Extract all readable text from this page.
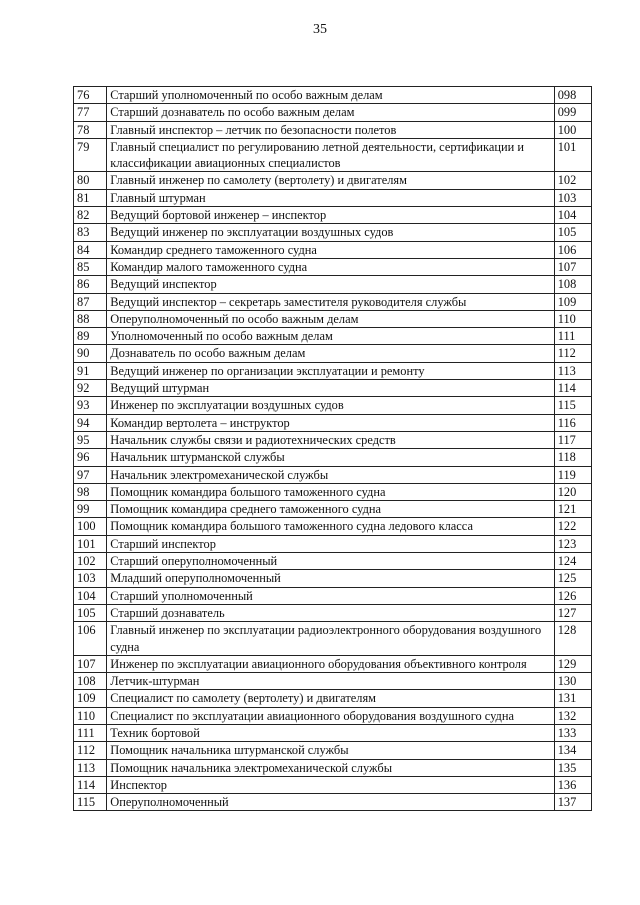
35
76	Старший уполномоченный по особо важным делам	098
77	Старший дознаватель по особо важным делам	099
78	Главный инспектор – летчик по безопасности полетов	100
79	Главный специалист по регулированию летной деятельности, сертификации и классификации авиационных специалистов	101
80	Главный инженер по самолету (вертолету) и двигателям	102
81	Главный штурман	103
82	Ведущий бортовой инженер – инспектор	104
83	Ведущий инженер по эксплуатации воздушных судов	105
84	Командир среднего таможенного судна	106
85	Командир малого таможенного судна	107
86	Ведущий инспектор	108
87	Ведущий инспектор – секретарь заместителя руководителя службы	109
88	Оперуполномоченный по особо важным делам	110
89	Уполномоченный по особо важным делам	111
90	Дознаватель по особо важным делам	112
91	Ведущий инженер по организации эксплуатации и ремонту	113
92	Ведущий штурман	114
93	Инженер по эксплуатации воздушных судов	115
94	Командир вертолета – инструктор	116
95	Начальник службы связи и радиотехнических средств	117
96	Начальник штурманской службы	118
97	Начальник электромеханической службы	119
98	Помощник командира большого таможенного судна	120
99	Помощник командира среднего таможенного судна	121
100	Помощник командира большого таможенного судна ледового класса	122
101	Старший инспектор	123
102	Старший оперуполномоченный	124
103	Младший оперуполномоченный	125
104	Старший уполномоченный	126
105	Старший дознаватель	127
106	Главный инженер по эксплуатации радиоэлектронного оборудования воздушного судна	128
107	Инженер по эксплуатации авиационного оборудования объективного контроля	129
108	Летчик-штурман	130
109	Специалист по самолету (вертолету) и двигателям	131
110	Специалист по эксплуатации авиационного оборудования воздушного судна	132
111	Техник бортовой	133
112	Помощник начальника штурманской службы	134
113	Помощник начальника электромеханической службы	135
114	Инспектор	136
115	Оперуполномоченный	137
